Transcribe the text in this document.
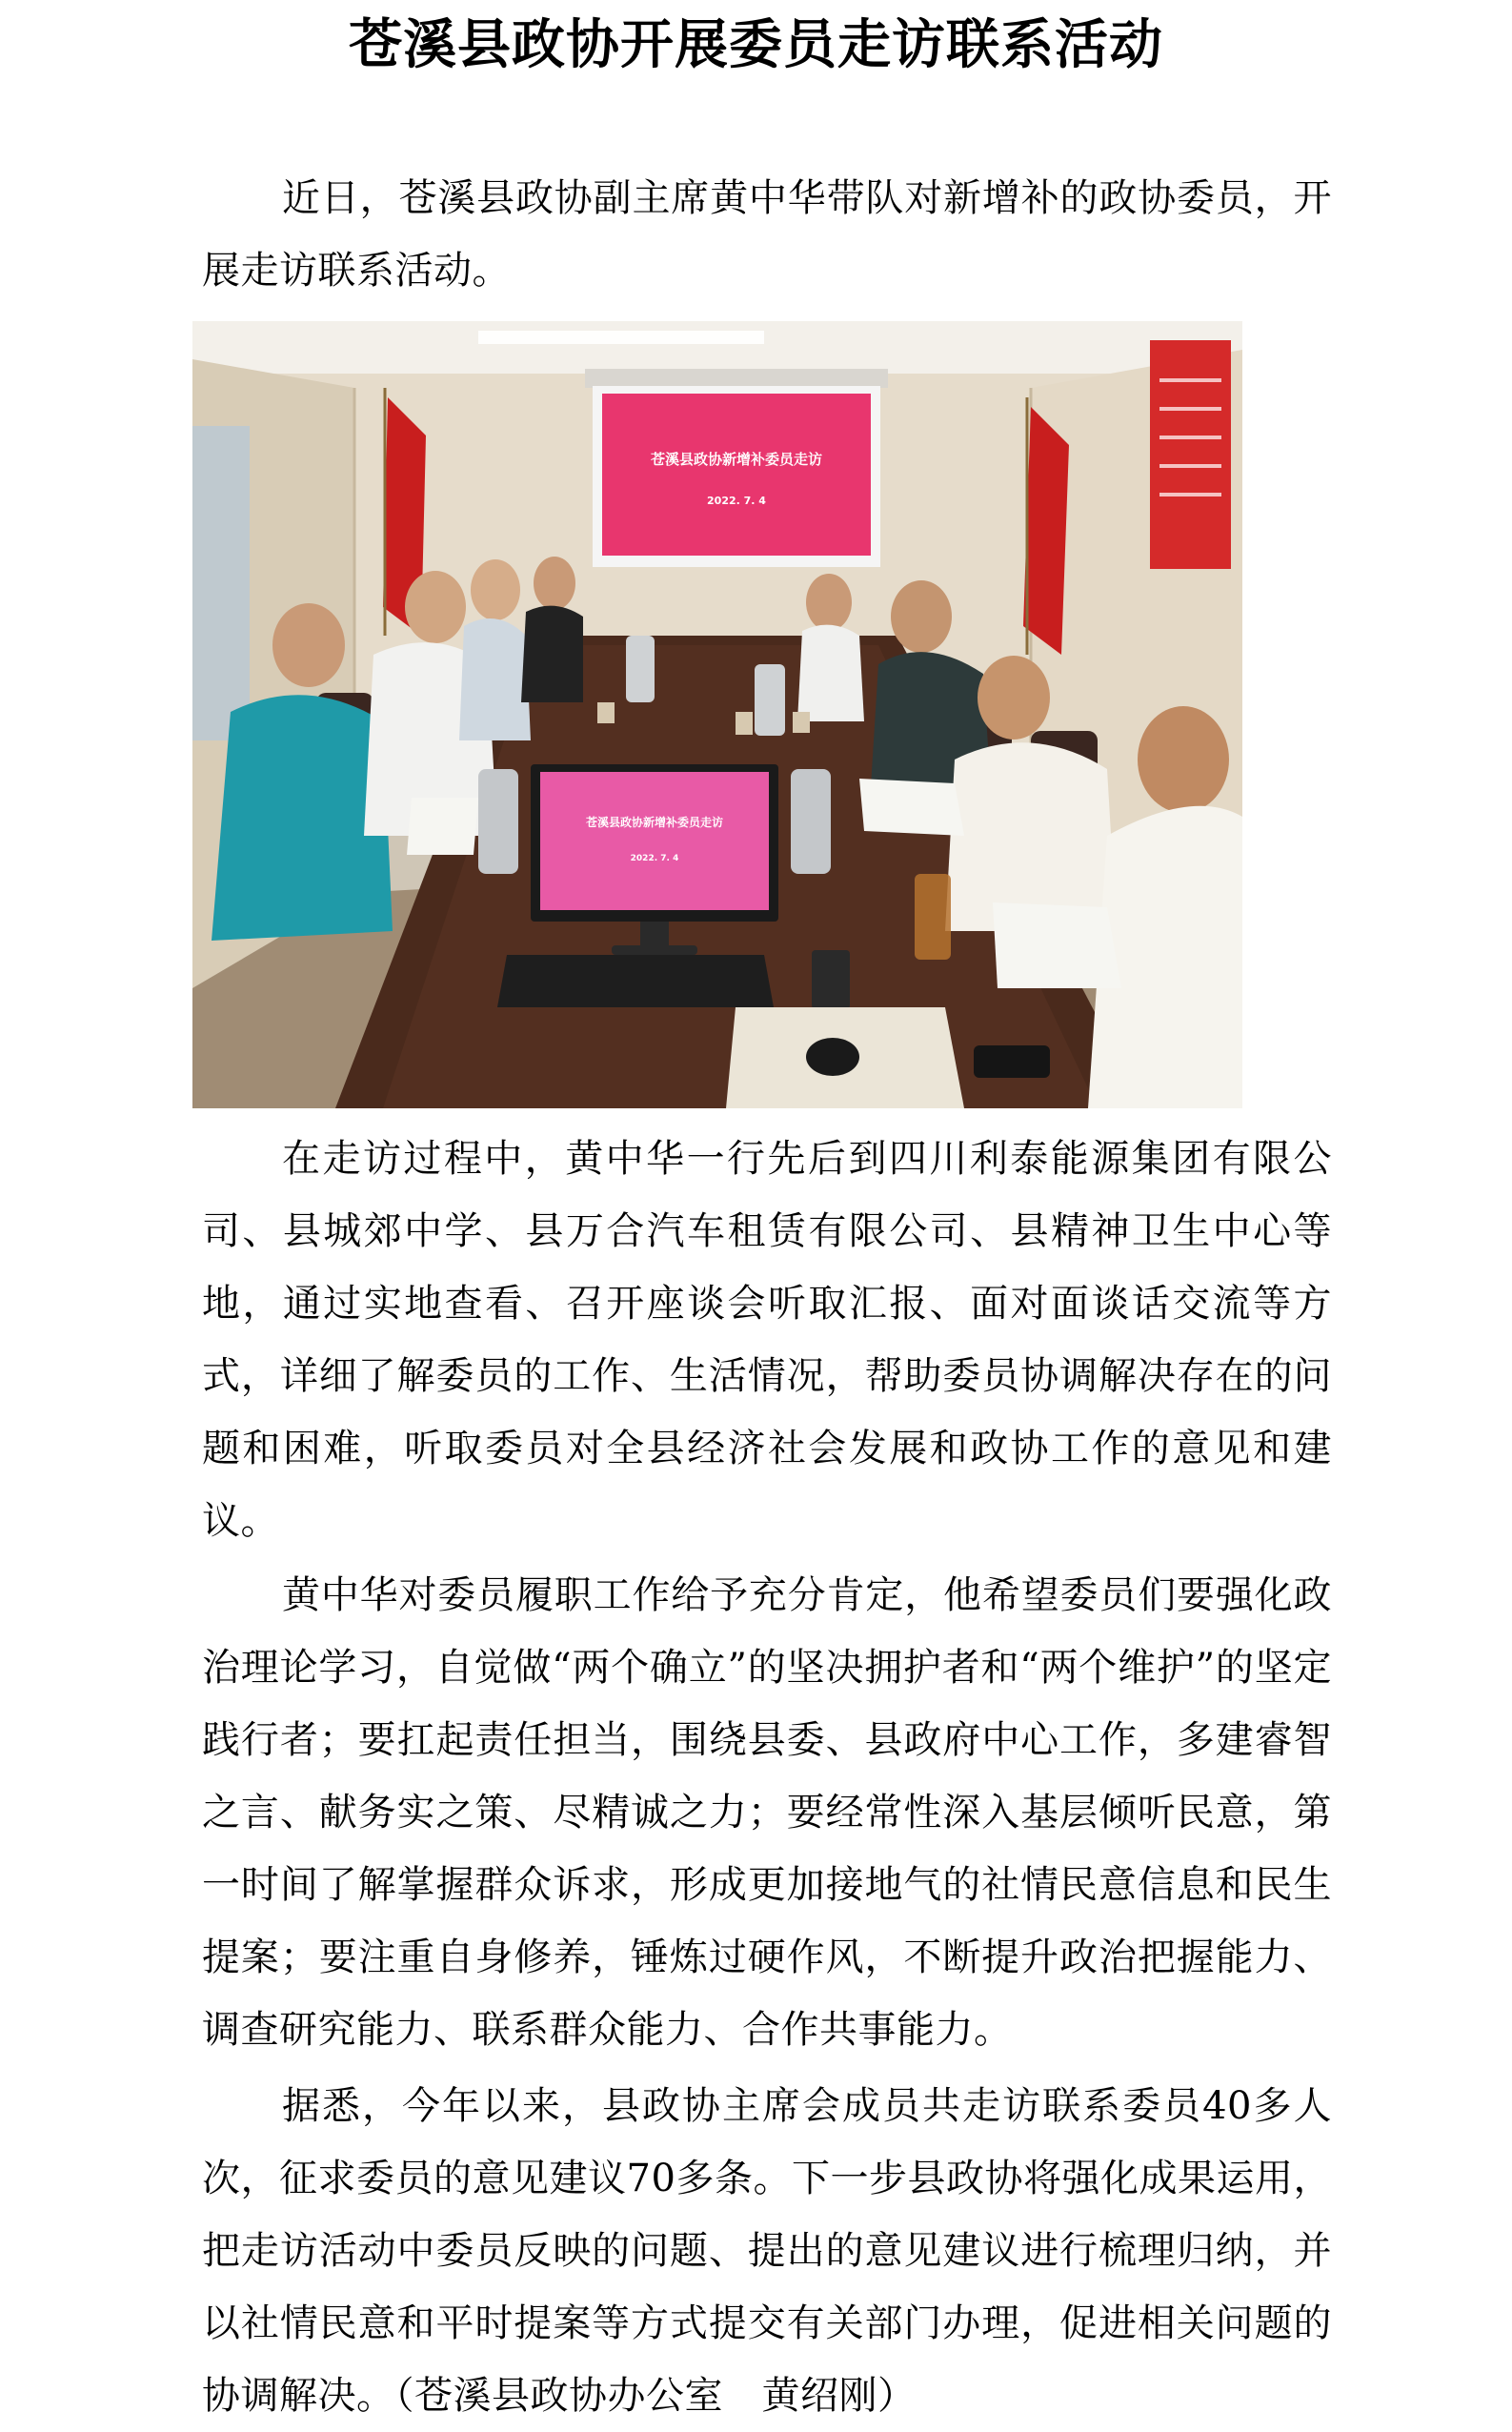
苍溪县政协开展委员走访联系活动

近日，苍溪县政协副主席黄中华带队对新增补的政协委员，开展走访联系活动。

苍溪县政协新增补委员走访
2022. 7. 4
苍溪县政协新增补委员走访
2022. 7. 4

在走访过程中，黄中华一行先后到四川利泰能源集团有限公司、县城郊中学、县万合汽车租赁有限公司、县精神卫生中心等地，通过实地查看、召开座谈会听取汇报、面对面谈话交流等方式，详细了解委员的工作、生活情况，帮助委员协调解决存在的问题和困难，听取委员对全县经济社会发展和政协工作的意见和建议。

黄中华对委员履职工作给予充分肯定，他希望委员们要强化政治理论学习，自觉做“两个确立”的坚决拥护者和“两个维护”的坚定践行者；要扛起责任担当，围绕县委、县政府中心工作，多建睿智之言、献务实之策、尽精诚之力；要经常性深入基层倾听民意，第一时间了解掌握群众诉求，形成更加接地气的社情民意信息和民生提案；要注重自身修养，锤炼过硬作风，不断提升政治把握能力、调查研究能力、联系群众能力、合作共事能力。

据悉，今年以来，县政协主席会成员共走访联系委员40多人次，征求委员的意见建议70多条。下一步县政协将强化成果运用，把走访活动中委员反映的问题、提出的意见建议进行梳理归纳，并以社情民意和平时提案等方式提交有关部门办理，促进相关问题的协调解决。（苍溪县政协办公室　黄绍刚）
